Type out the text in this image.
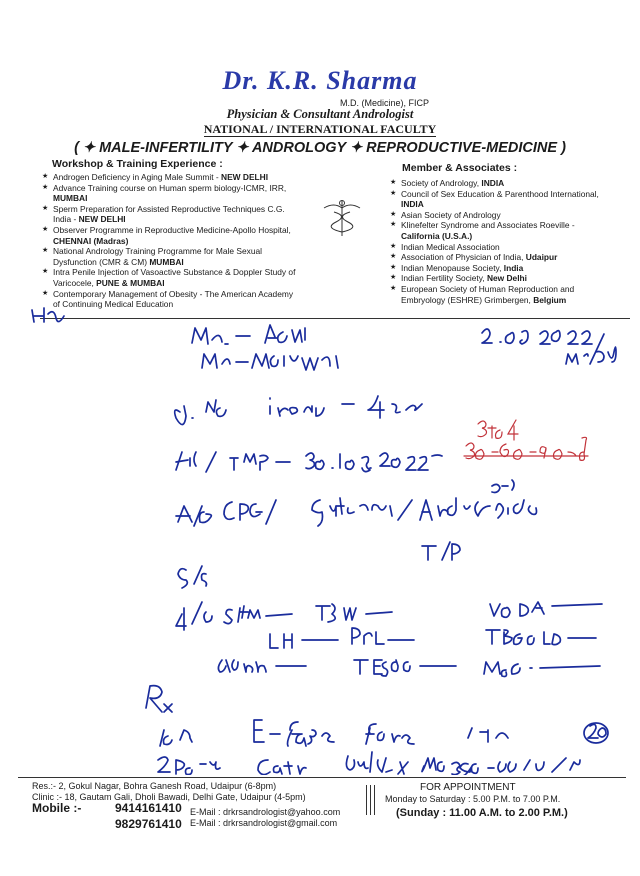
Dr. K.R. Sharma
M.D. (Medicine), FICP
Physician & Consultant Andrologist
NATIONAL / INTERNATIONAL FACULTY
( ✦ MALE-INFERTILITY ✦ ANDROLOGY ✦ REPRODUCTIVE-MEDICINE )
Workshop & Training Experience :
★ Androgen Deficiency in Aging Male Summit - NEW DELHI
★ Advance Training course on Human sperm biology-ICMR, IRR, MUMBAI
★ Sperm Preparation for Assisted Reproductive Techniques C.G. India - NEW DELHI
★ Observer Programme in Reproductive Medicine-Apollo Hospital, CHENNAI (Madras)
★ National Andrology Training Programme for Male Sexual Dysfunction (CMR & CM) MUMBAI
★ Intra Penile Injection of Vasoactive Substance & Doppler Study of Varicocele, PUNE & MUMBAI
★ Contemporary Management of Obesity - The American Academy of Continuing Medical Education
Member & Associates :
★ Society of Andrology, INDIA
★ Council of Sex Education & Parenthood International, INDIA
★ Asian Society of Andrology
★ Klinefelter Syndrome and Associates Roeville - California (U.S.A.)
★ Indian Medical Association
★ Association of Physician of India, Udaipur
★ Indian Menopause Society, India
★ Indian Fertility Society, New Delhi
★ European Society of Human Reproduction and Embryology (ESHRE) Grimbergen, Belgium
Res.:- 2, Gokul Nagar, Bohra Ganesh Road, Udaipur (6-8pm)
Clinic :- 18, Gautam Gali, Dholi Bawadi, Delhi Gate, Udaipur (4-5pm)
Mobile :-	9414161410
9829761410
E-Mail : drkrsandrologist@yahoo.com
E-Mail : drkrsandrologist@gmail.com
FOR APPOINTMENT
Monday to Saturday : 5.00 P.M. to 7.00 P.M.
(Sunday : 11.00 A.M. to 2.00 P.M.)
